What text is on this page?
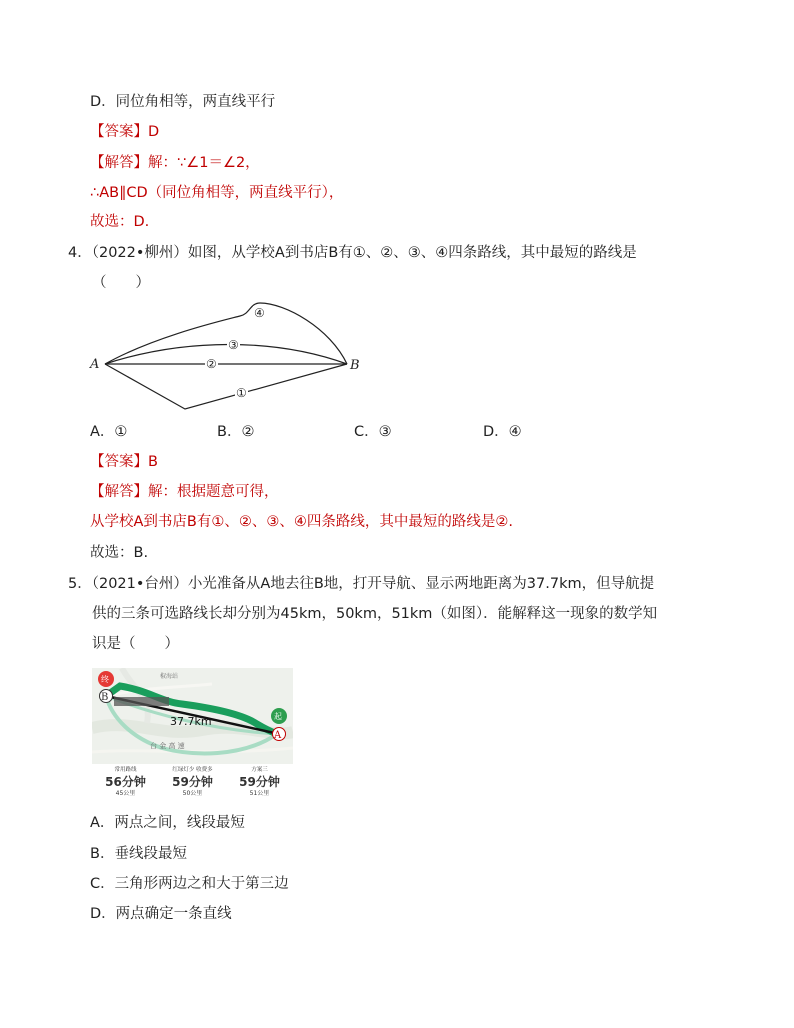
D．同位角相等，两直线平行
【答案】D
【解答】解：∵∠1＝∠2，
∴AB∥CD（同位角相等，两直线平行），
故选：D.
4．（2022•柳州）如图，从学校A到书店B有①、②、③、④四条路线，其中最短的路线是
（　　）
A	B
④
③
②
①
A．①	B．②	C．③	D．④
【答案】B
【解答】解：根据题意可得，
从学校A到书店B有①、②、③、④四条路线，其中最短的路线是②.
故选：B.
5．（2021•台州）小光准备从A地去往B地，打开导航、显示两地距离为37.7km，但导航提
供的三条可选路线长却分别为45km，50km，51km（如图）．能解释这一现象的数学知
识是（　　）
B
A
终
起
37.7km
台 金 高 速
椒海站
常用路线
56分钟
45公里
红绿灯少 收费多
59分钟
50公里
方案三
59分钟
51公里
A．两点之间，线段最短
B．垂线段最短
C．三角形两边之和大于第三边
D．两点确定一条直线
